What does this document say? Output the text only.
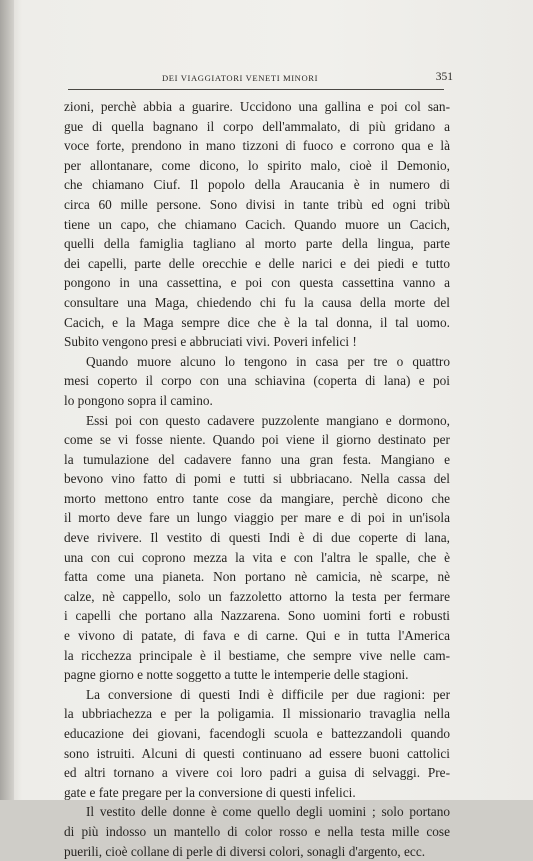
DEI VIAGGIATORI VENETI MINORI	351
zioni, perchè abbia a guarire. Uccidono una gallina e poi col san-
gue di quella bagnano il corpo dell'ammalato, di più gridano a
voce forte, prendono in mano tizzoni di fuoco e corrono qua e là
per allontanare, come dicono, lo spirito malo, cioè il Demonio,
che chiamano Ciuf. Il popolo della Araucania è in numero di
circa 60 mille persone. Sono divisi in tante tribù ed ogni tribù
tiene un capo, che chiamano Cacich. Quando muore un Cacich,
quelli della famiglia tagliano al morto parte della lingua, parte
dei capelli, parte delle orecchie e delle narici e dei piedi e tutto
pongono in una cassettina, e poi con questa cassettina vanno a
consultare una Maga, chiedendo chi fu la causa della morte del
Cacich, e la Maga sempre dice che è la tal donna, il tal uomo.
Subito vengono presi e abbruciati vivi. Poveri infelici !
Quando muore alcuno lo tengono in casa per tre o quattro
mesi coperto il corpo con una schiavina (coperta di lana) e poi
lo pongono sopra il camino.
Essi poi con questo cadavere puzzolente mangiano e dormono,
come se vi fosse niente. Quando poi viene il giorno destinato per
la tumulazione del cadavere fanno una gran festa. Mangiano e
bevono vino fatto di pomi e tutti si ubbriacano. Nella cassa del
morto mettono entro tante cose da mangiare, perchè dicono che
il morto deve fare un lungo viaggio per mare e di poi in un'isola
deve rivivere. Il vestito di questi Indi è di due coperte di lana,
una con cui coprono mezza la vita e con l'altra le spalle, che è
fatta come una pianeta. Non portano nè camicia, nè scarpe, nè
calze, nè cappello, solo un fazzoletto attorno la testa per fermare
i capelli che portano alla Nazzarena. Sono uomini forti e robusti
e vivono di patate, di fava e di carne. Qui e in tutta l'America
la ricchezza principale è il bestiame, che sempre vive nelle cam-
pagne giorno e notte soggetto a tutte le intemperie delle stagioni.
La conversione di questi Indi è difficile per due ragioni: per
la ubbriachezza e per la poligamia. Il missionario travaglia nella
educazione dei giovani, facendogli scuola e battezzandoli quando
sono istruiti. Alcuni di questi continuano ad essere buoni cattolici
ed altri tornano a vivere coi loro padri a guisa di selvaggi. Pre-
gate e fate pregare per la conversione di questi infelici.
Il vestito delle donne è come quello degli uomini ; solo portano
di più indosso un mantello di color rosso e nella testa mille cose
puerili, cioè collane di perle di diversi colori, sonagli d'argento, ecc.
